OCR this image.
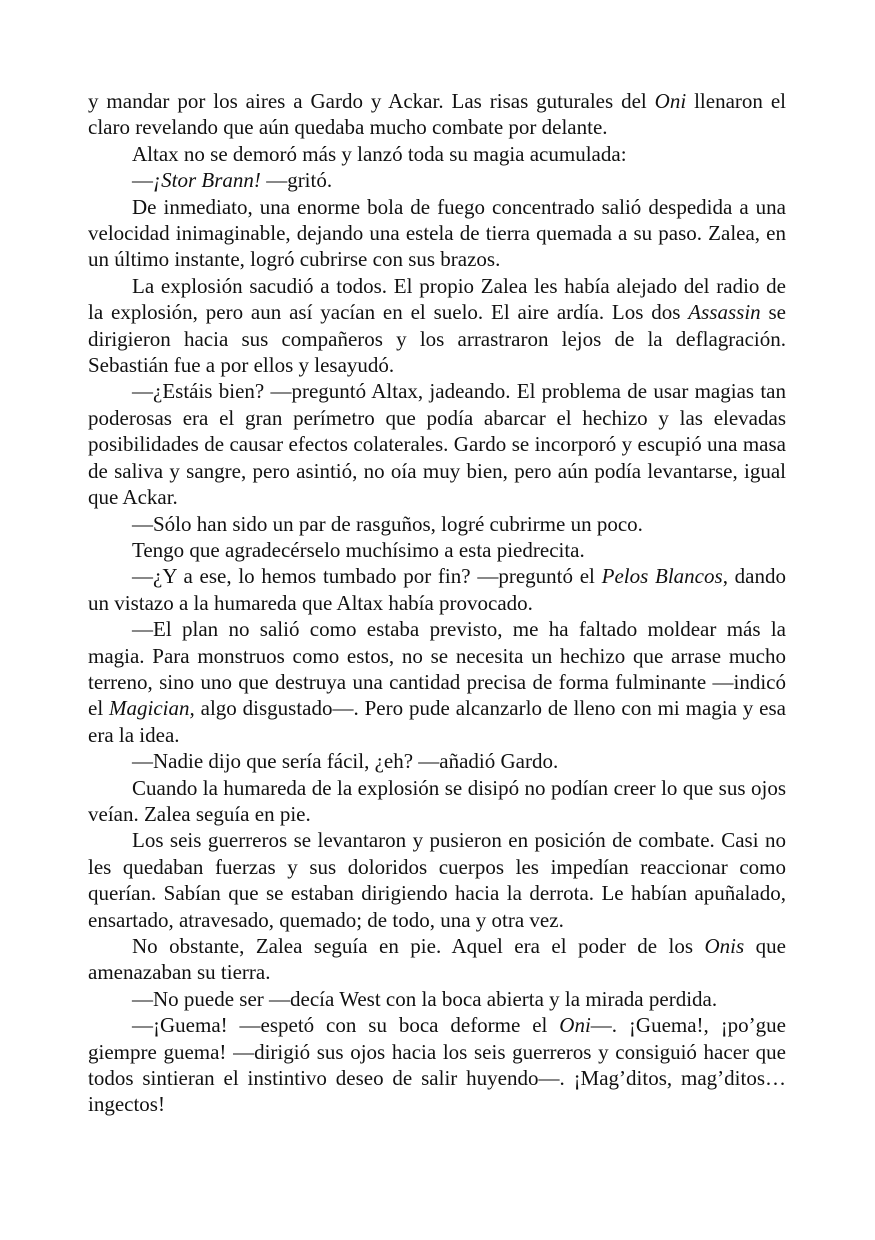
y mandar por los aires a Gardo y Ackar. Las risas guturales del Oni llenaron el claro revelando que aún quedaba mucho combate por delante.

Altax no se demoró más y lanzó toda su magia acumulada:

—¡Stor Brann! —gritó.

De inmediato, una enorme bola de fuego concentrado salió despedida a una velocidad inimaginable, dejando una estela de tierra quemada a su paso. Zalea, en un último instante, logró cubrirse con sus brazos.

La explosión sacudió a todos. El propio Zalea les había alejado del radio de la explosión, pero aun así yacían en el suelo. El aire ardía. Los dos Assassin se dirigieron hacia sus compañeros y los arrastraron lejos de la deflagración. Sebastián fue a por ellos y lesayudó.

—¿Estáis bien? —preguntó Altax, jadeando. El problema de usar magias tan poderosas era el gran perímetro que podía abarcar el hechizo y las elevadas posibilidades de causar efectos colaterales. Gardo se incorporó y escupió una masa de saliva y sangre, pero asintió, no oía muy bien, pero aún podía levantarse, igual que Ackar.

—Sólo han sido un par de rasguños, logré cubrirme un poco.

Tengo que agradecérselo muchísimo a esta piedrecita.

—¿Y a ese, lo hemos tumbado por fin? —preguntó el Pelos Blancos, dando un vistazo a la humareda que Altax había provocado.

—El plan no salió como estaba previsto, me ha faltado moldear más la magia. Para monstruos como estos, no se necesita un hechizo que arrase mucho terreno, sino uno que destruya una cantidad precisa de forma fulminante —indicó el Magician, algo disgustado—. Pero pude alcanzarlo de lleno con mi magia y esa era la idea.

—Nadie dijo que sería fácil, ¿eh? —añadió Gardo.

Cuando la humareda de la explosión se disipó no podían creer lo que sus ojos veían. Zalea seguía en pie.

Los seis guerreros se levantaron y pusieron en posición de combate. Casi no les quedaban fuerzas y sus doloridos cuerpos les impedían reaccionar como querían. Sabían que se estaban dirigiendo hacia la derrota. Le habían apuñalado, ensartado, atravesado, quemado; de todo, una y otra vez.

No obstante, Zalea seguía en pie. Aquel era el poder de los Onis que amenazaban su tierra.

—No puede ser —decía West con la boca abierta y la mirada perdida.

—¡Guema! —espetó con su boca deforme el Oni—. ¡Guema!, ¡po’gue giempre guema! —dirigió sus ojos hacia los seis guerreros y consiguió hacer que todos sintieran el instintivo deseo de salir huyendo—. ¡Mag’ditos, mag’ditos… ingectos!
